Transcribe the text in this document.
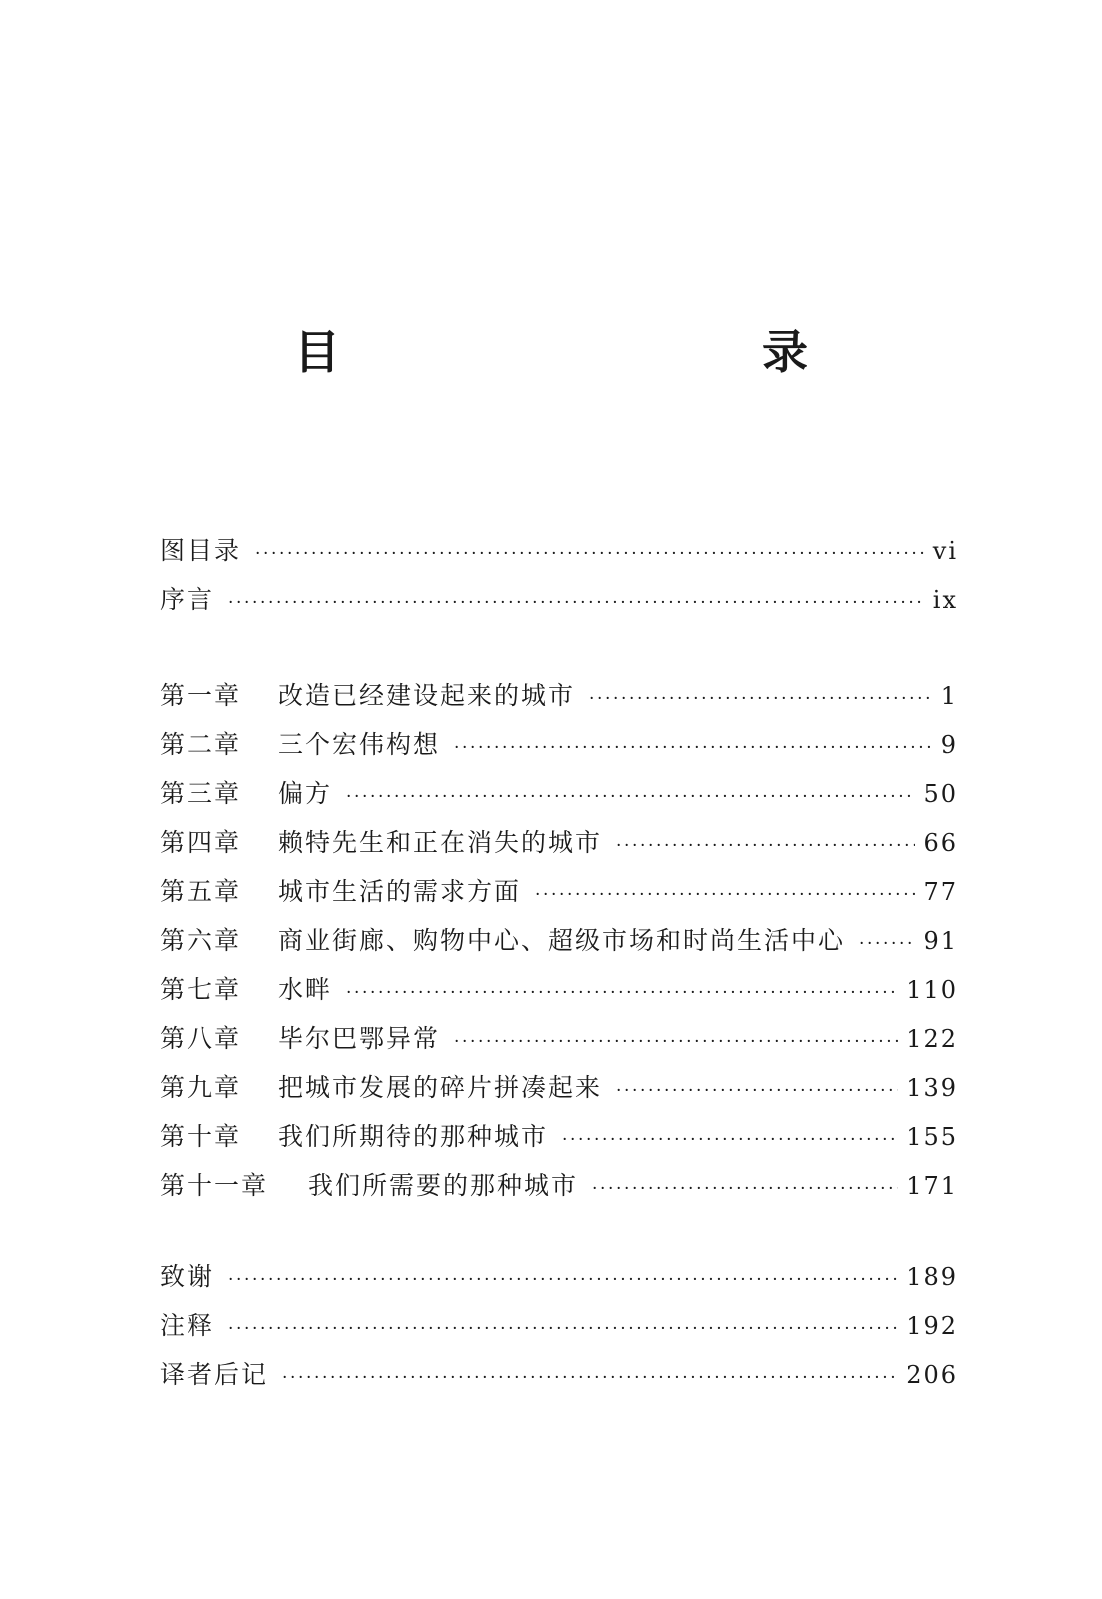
目　　录
图目录 ·····	vi
序言 ·····	ix
第一章	改造已经建设起来的城市 ·····	1
第二章	三个宏伟构想 ·····	9
第三章	偏方 ·····	50
第四章	赖特先生和正在消失的城市 ·····	66
第五章	城市生活的需求方面 ·····	77
第六章	商业街廊、购物中心、超级市场和时尚生活中心 ·····	91
第七章	水畔 ·····	110
第八章	毕尔巴鄂异常 ·····	122
第九章	把城市发展的碎片拼凑起来 ·····	139
第十章	我们所期待的那种城市 ·····	155
第十一章	我们所需要的那种城市 ·····	171
致谢 ·····	189
注释 ·····	192
译者后记 ·····	206
